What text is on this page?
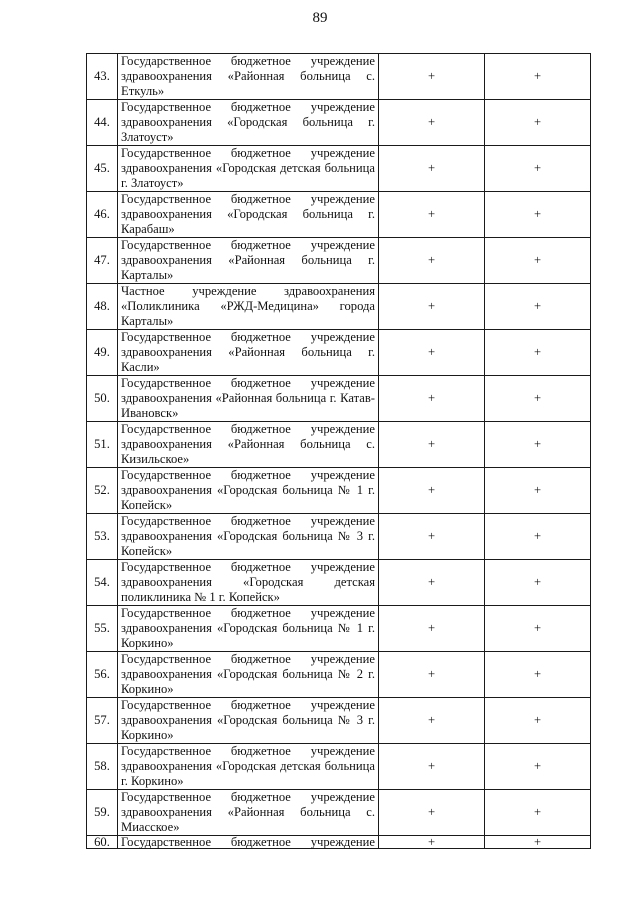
89
43.	Государственное бюджетное учреждение здравоохранения «Районная больница с. Еткуль»	+	+
44.	Государственное бюджетное учреждение здравоохранения «Городская больница г. Златоуст»	+	+
45.	Государственное бюджетное учреждение здравоохранения «Городская детская больница г. Златоуст»	+	+
46.	Государственное бюджетное учреждение здравоохранения «Городская больница г. Карабаш»	+	+
47.	Государственное бюджетное учреждение здравоохранения «Районная больница г. Карталы»	+	+
48.	Частное учреждение здравоохранения «Поликлиника «РЖД-Медицина» города Карталы»	+	+
49.	Государственное бюджетное учреждение здравоохранения «Районная больница г. Касли»	+	+
50.	Государственное бюджетное учреждение здравоохранения «Районная больница г. Катав-Ивановск»	+	+
51.	Государственное бюджетное учреждение здравоохранения «Районная больница с. Кизильское»	+	+
52.	Государственное бюджетное учреждение здравоохранения «Городская больница № 1 г. Копейск»	+	+
53.	Государственное бюджетное учреждение здравоохранения «Городская больница № 3 г. Копейск»	+	+
54.	Государственное бюджетное учреждение здравоохранения «Городская детская поликлиника № 1 г. Копейск»	+	+
55.	Государственное бюджетное учреждение здравоохранения «Городская больница № 1 г. Коркино»	+	+
56.	Государственное бюджетное учреждение здравоохранения «Городская больница № 2 г. Коркино»	+	+
57.	Государственное бюджетное учреждение здравоохранения «Городская больница № 3 г. Коркино»	+	+
58.	Государственное бюджетное учреждение здравоохранения «Городская детская больница г. Коркино»	+	+
59.	Государственное бюджетное учреждение здравоохранения «Районная больница с. Миасское»	+	+
60.	Государственное бюджетное учреждение	+	+
